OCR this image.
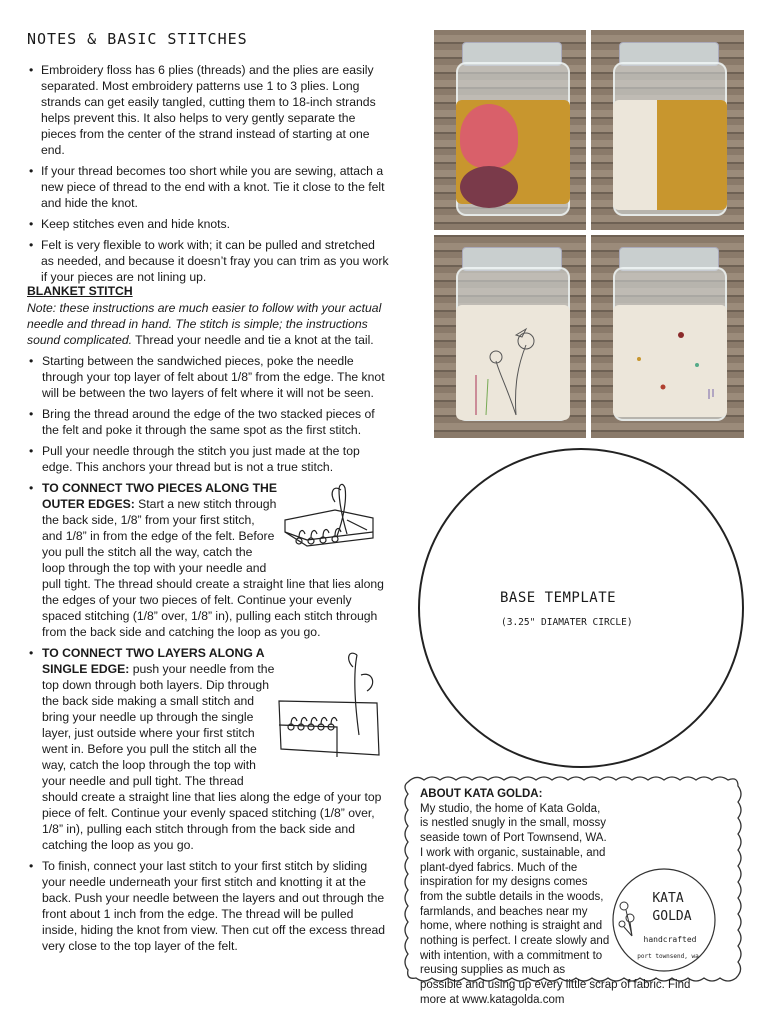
NOTES & BASIC STITCHES
• Embroidery floss has 6 plies (threads) and the plies are easily separated. Most embroidery patterns use 1 to 3 plies. Long strands can get easily tangled, cutting them to 18-inch strands helps prevent this. It also helps to very gently separate the pieces from the center of the strand instead of starting at one end.
• If your thread becomes too short while you are sewing, attach a new piece of thread to the end with a knot. Tie it close to the felt and hide the knot.
• Keep stitches even and hide knots.
• Felt is very flexible to work with; it can be pulled and stretched as needed, and because it doesn’t fray you can trim as you work if your pieces are not lining up.
BLANKET STITCH
Note: these instructions are much easier to follow with your actual needle and thread in hand. The stitch is simple; the instructions sound complicated. Thread your needle and tie a knot at the tail.
• Starting between the sandwiched pieces, poke the needle through your top layer of felt about 1/8” from the edge. The knot will be between the two layers of felt where it will not be seen.
• Bring the thread around the edge of the two stacked pieces of the felt and poke it through the same spot as the first stitch.
• Pull your needle through the stitch you just made at the top edge. This anchors your thread but is not a true stitch.
• TO CONNECT TWO PIECES ALONG THE OUTER EDGES: Start a new stitch through the back side, 1/8” from your first stitch, and 1/8” in from the edge of the felt. Before you pull the stitch all the way, catch the loop through the top with your needle and pull tight. The thread should create a straight line that lies along the edges of your two pieces of felt. Continue your evenly spaced stitching (1/8” over, 1/8” in), pulling each stitch through from the back side and catching the loop as you go.
• TO CONNECT TWO LAYERS ALONG A SINGLE EDGE: push your needle from the top down through both layers. Dip through the back side making a small stitch and bring your needle up through the single layer, just outside where your first stitch went in. Before you pull the stitch all the way, catch the loop through the top with your needle and pull tight. The thread should create a straight line that lies along the edge of your top piece of felt. Continue your evenly spaced stitching (1/8” over, 1/8” in), pulling each stitch through from the back side and catching the loop as you go.
• To finish, connect your last stitch to your first stitch by sliding your needle underneath your first stitch and knotting it at the back. Push your needle between the layers and out through the front about 1 inch from the edge. The thread will be pulled inside, hiding the knot from view. Then cut off the excess thread very close to the top layer of the felt.
BASE TEMPLATE
(3.25" DIAMATER CIRCLE)
ABOUT KATA GOLDA:
KATA
GOLDA
handcrafted
port townsend, wa
My studio, the home of Kata Golda, is nestled snugly in the small, mossy seaside town of Port Townsend, WA. I work with organic, sustainable, and plant-dyed fabrics. Much of the inspiration for my designs comes from the subtle details in the woods, farmlands, and beaches near my home, where nothing is straight and nothing is perfect. I create slowly and with intention, with a commitment to reusing supplies as much as possible and using up every little scrap of fabric. Find more at www.katagolda.com
